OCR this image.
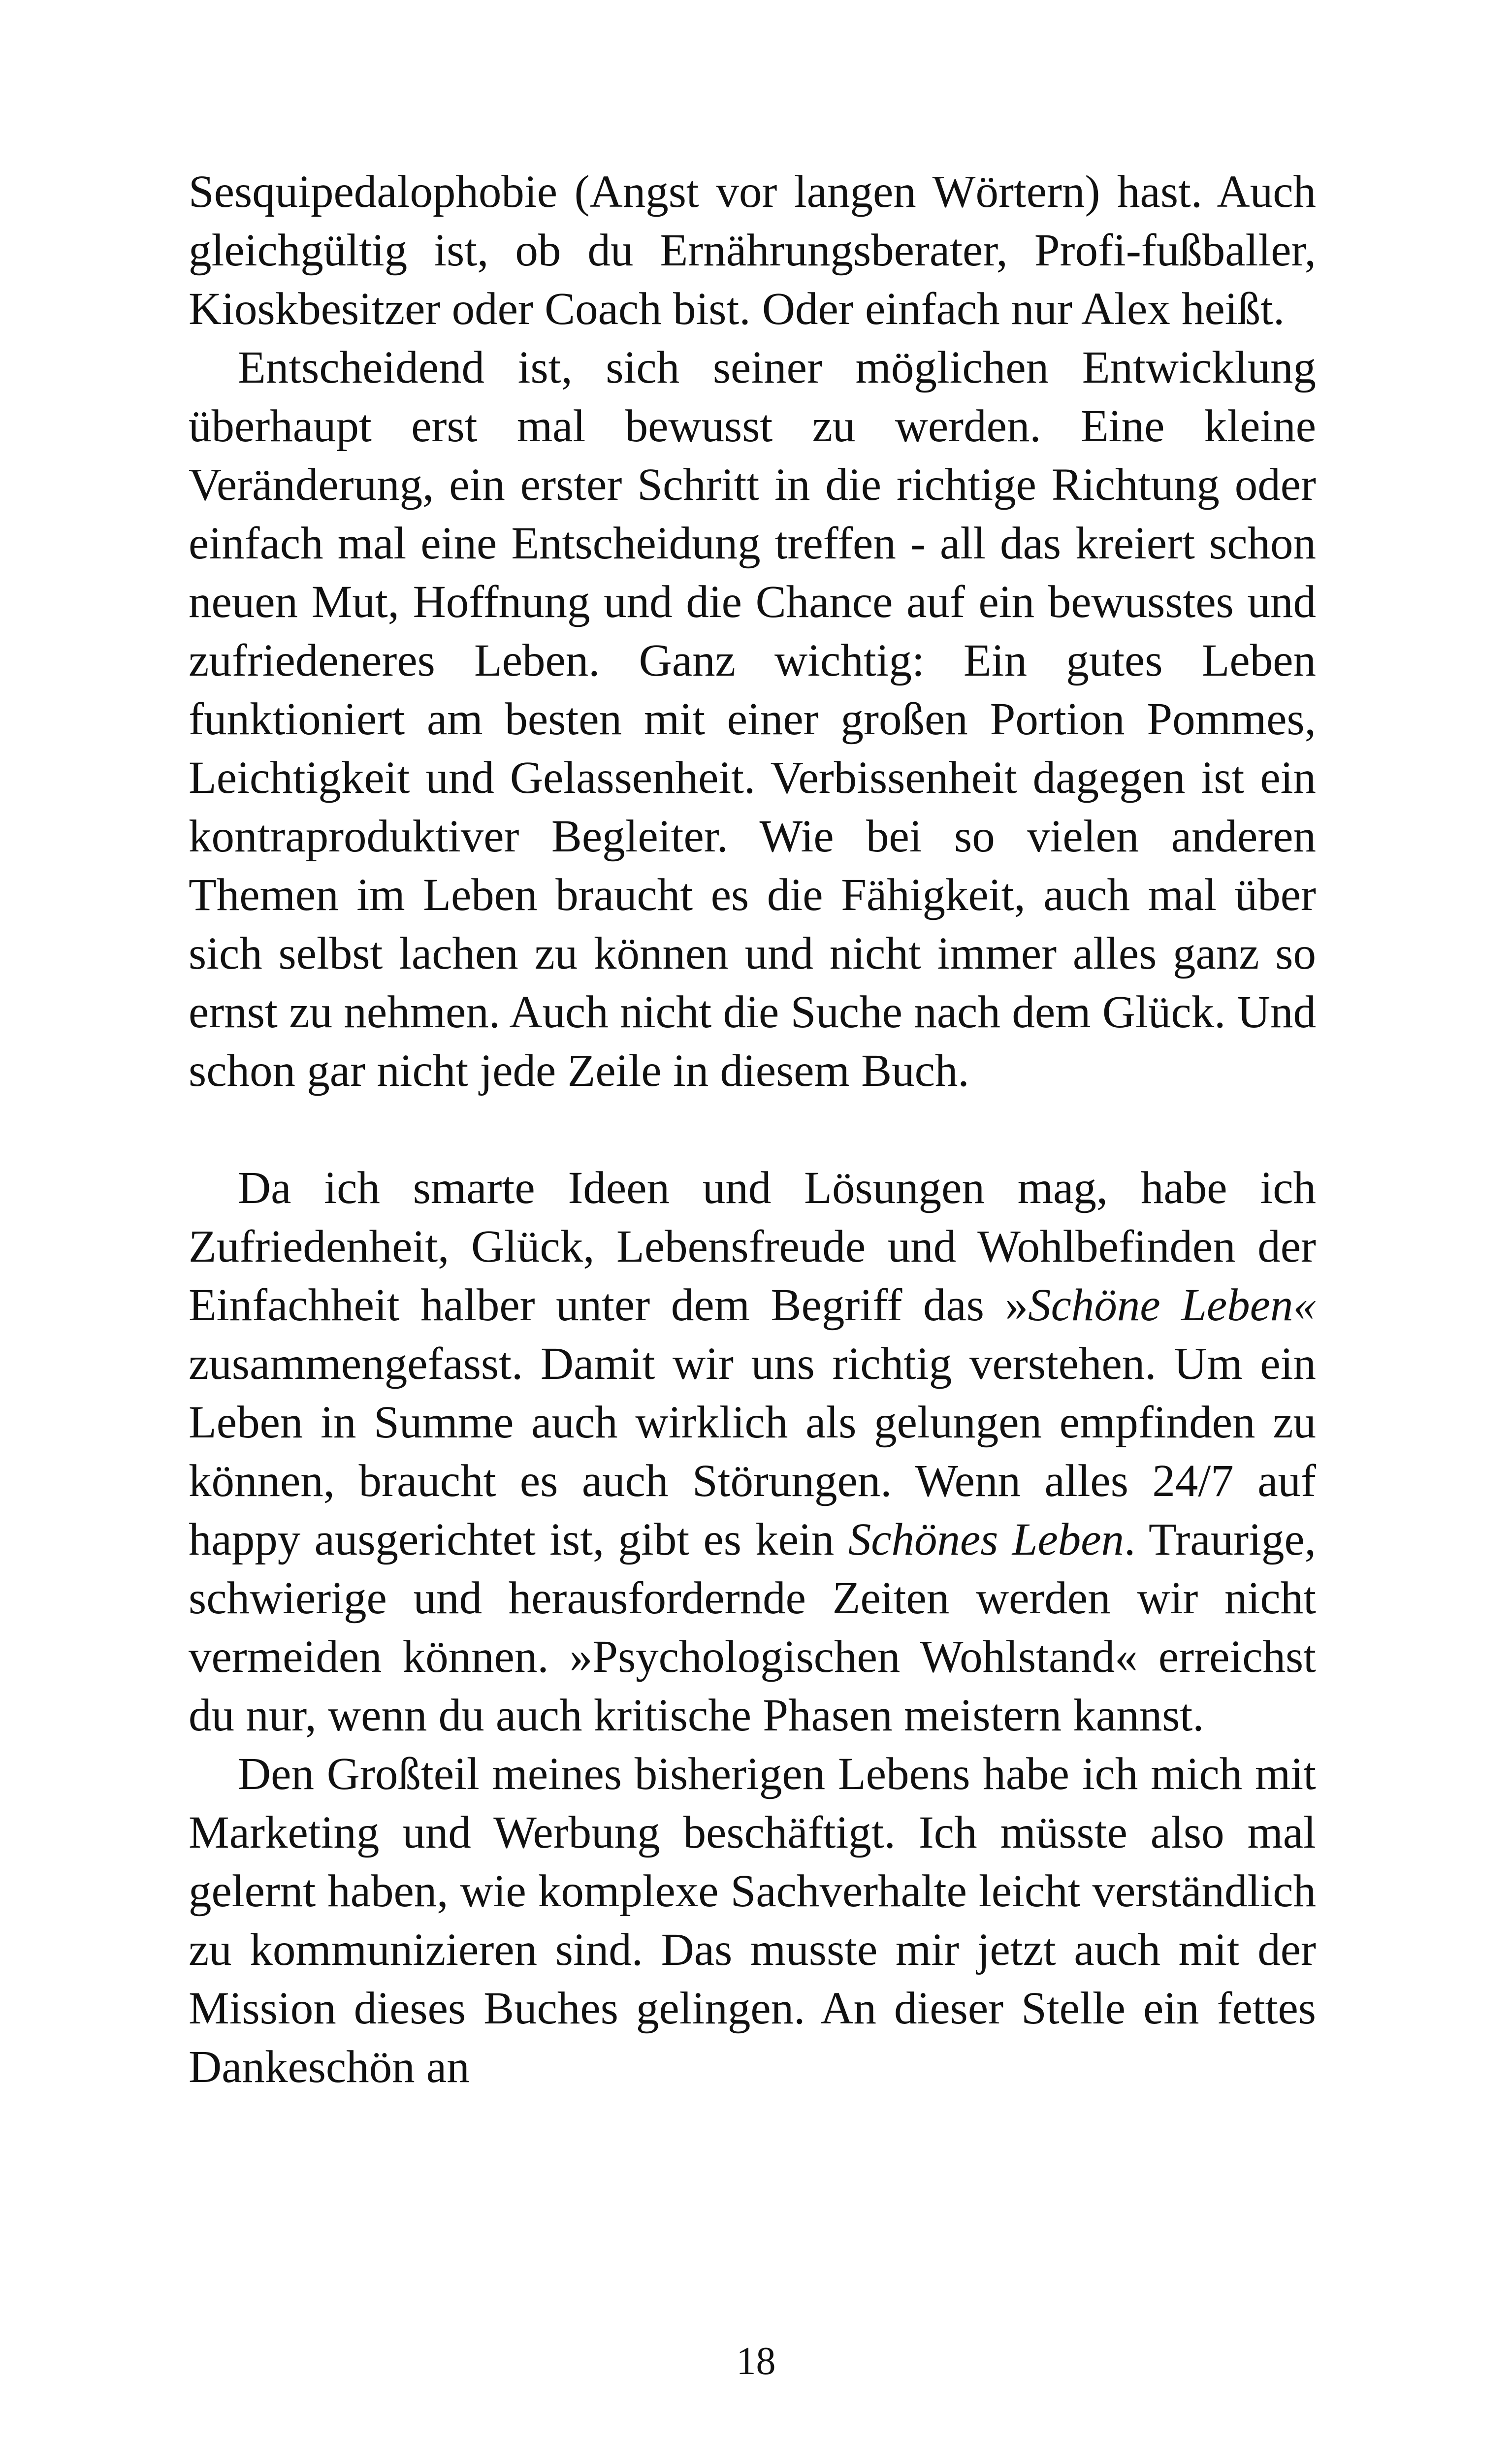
Sesquipedalophobie (Angst vor langen Wörtern) hast. Auch gleichgültig ist, ob du Ernährungsberater, Profi-fußballer, Kioskbesitzer oder Coach bist. Oder einfach nur Alex heißt.

Entscheidend ist, sich seiner möglichen Entwicklung überhaupt erst mal bewusst zu werden. Eine kleine Veränderung, ein erster Schritt in die richtige Richtung oder einfach mal eine Entscheidung treffen - all das kreiert schon neuen Mut, Hoffnung und die Chance auf ein bewusstes und zufriedeneres Leben. Ganz wichtig: Ein gutes Leben funktioniert am besten mit einer großen Portion Pommes, Leichtigkeit und Gelassenheit. Verbissenheit dagegen ist ein kontraproduktiver Begleiter. Wie bei so vielen anderen Themen im Leben braucht es die Fähigkeit, auch mal über sich selbst lachen zu können und nicht immer alles ganz so ernst zu nehmen. Auch nicht die Suche nach dem Glück. Und schon gar nicht jede Zeile in diesem Buch.

Da ich smarte Ideen und Lösungen mag, habe ich Zufriedenheit, Glück, Lebensfreude und Wohlbefinden der Einfachheit halber unter dem Begriff das »Schöne Leben« zusammengefasst. Damit wir uns richtig verstehen. Um ein Leben in Summe auch wirklich als gelungen empfinden zu können, braucht es auch Störungen. Wenn alles 24/7 auf happy ausgerichtet ist, gibt es kein Schönes Leben. Traurige, schwierige und herausfordernde Zeiten werden wir nicht vermeiden können. »Psychologischen Wohlstand« erreichst du nur, wenn du auch kritische Phasen meistern kannst.

Den Großteil meines bisherigen Lebens habe ich mich mit Marketing und Werbung beschäftigt. Ich müsste also mal gelernt haben, wie komplexe Sachverhalte leicht verständlich zu kommunizieren sind. Das musste mir jetzt auch mit der Mission dieses Buches gelingen. An dieser Stelle ein fettes Dankeschön an

18
